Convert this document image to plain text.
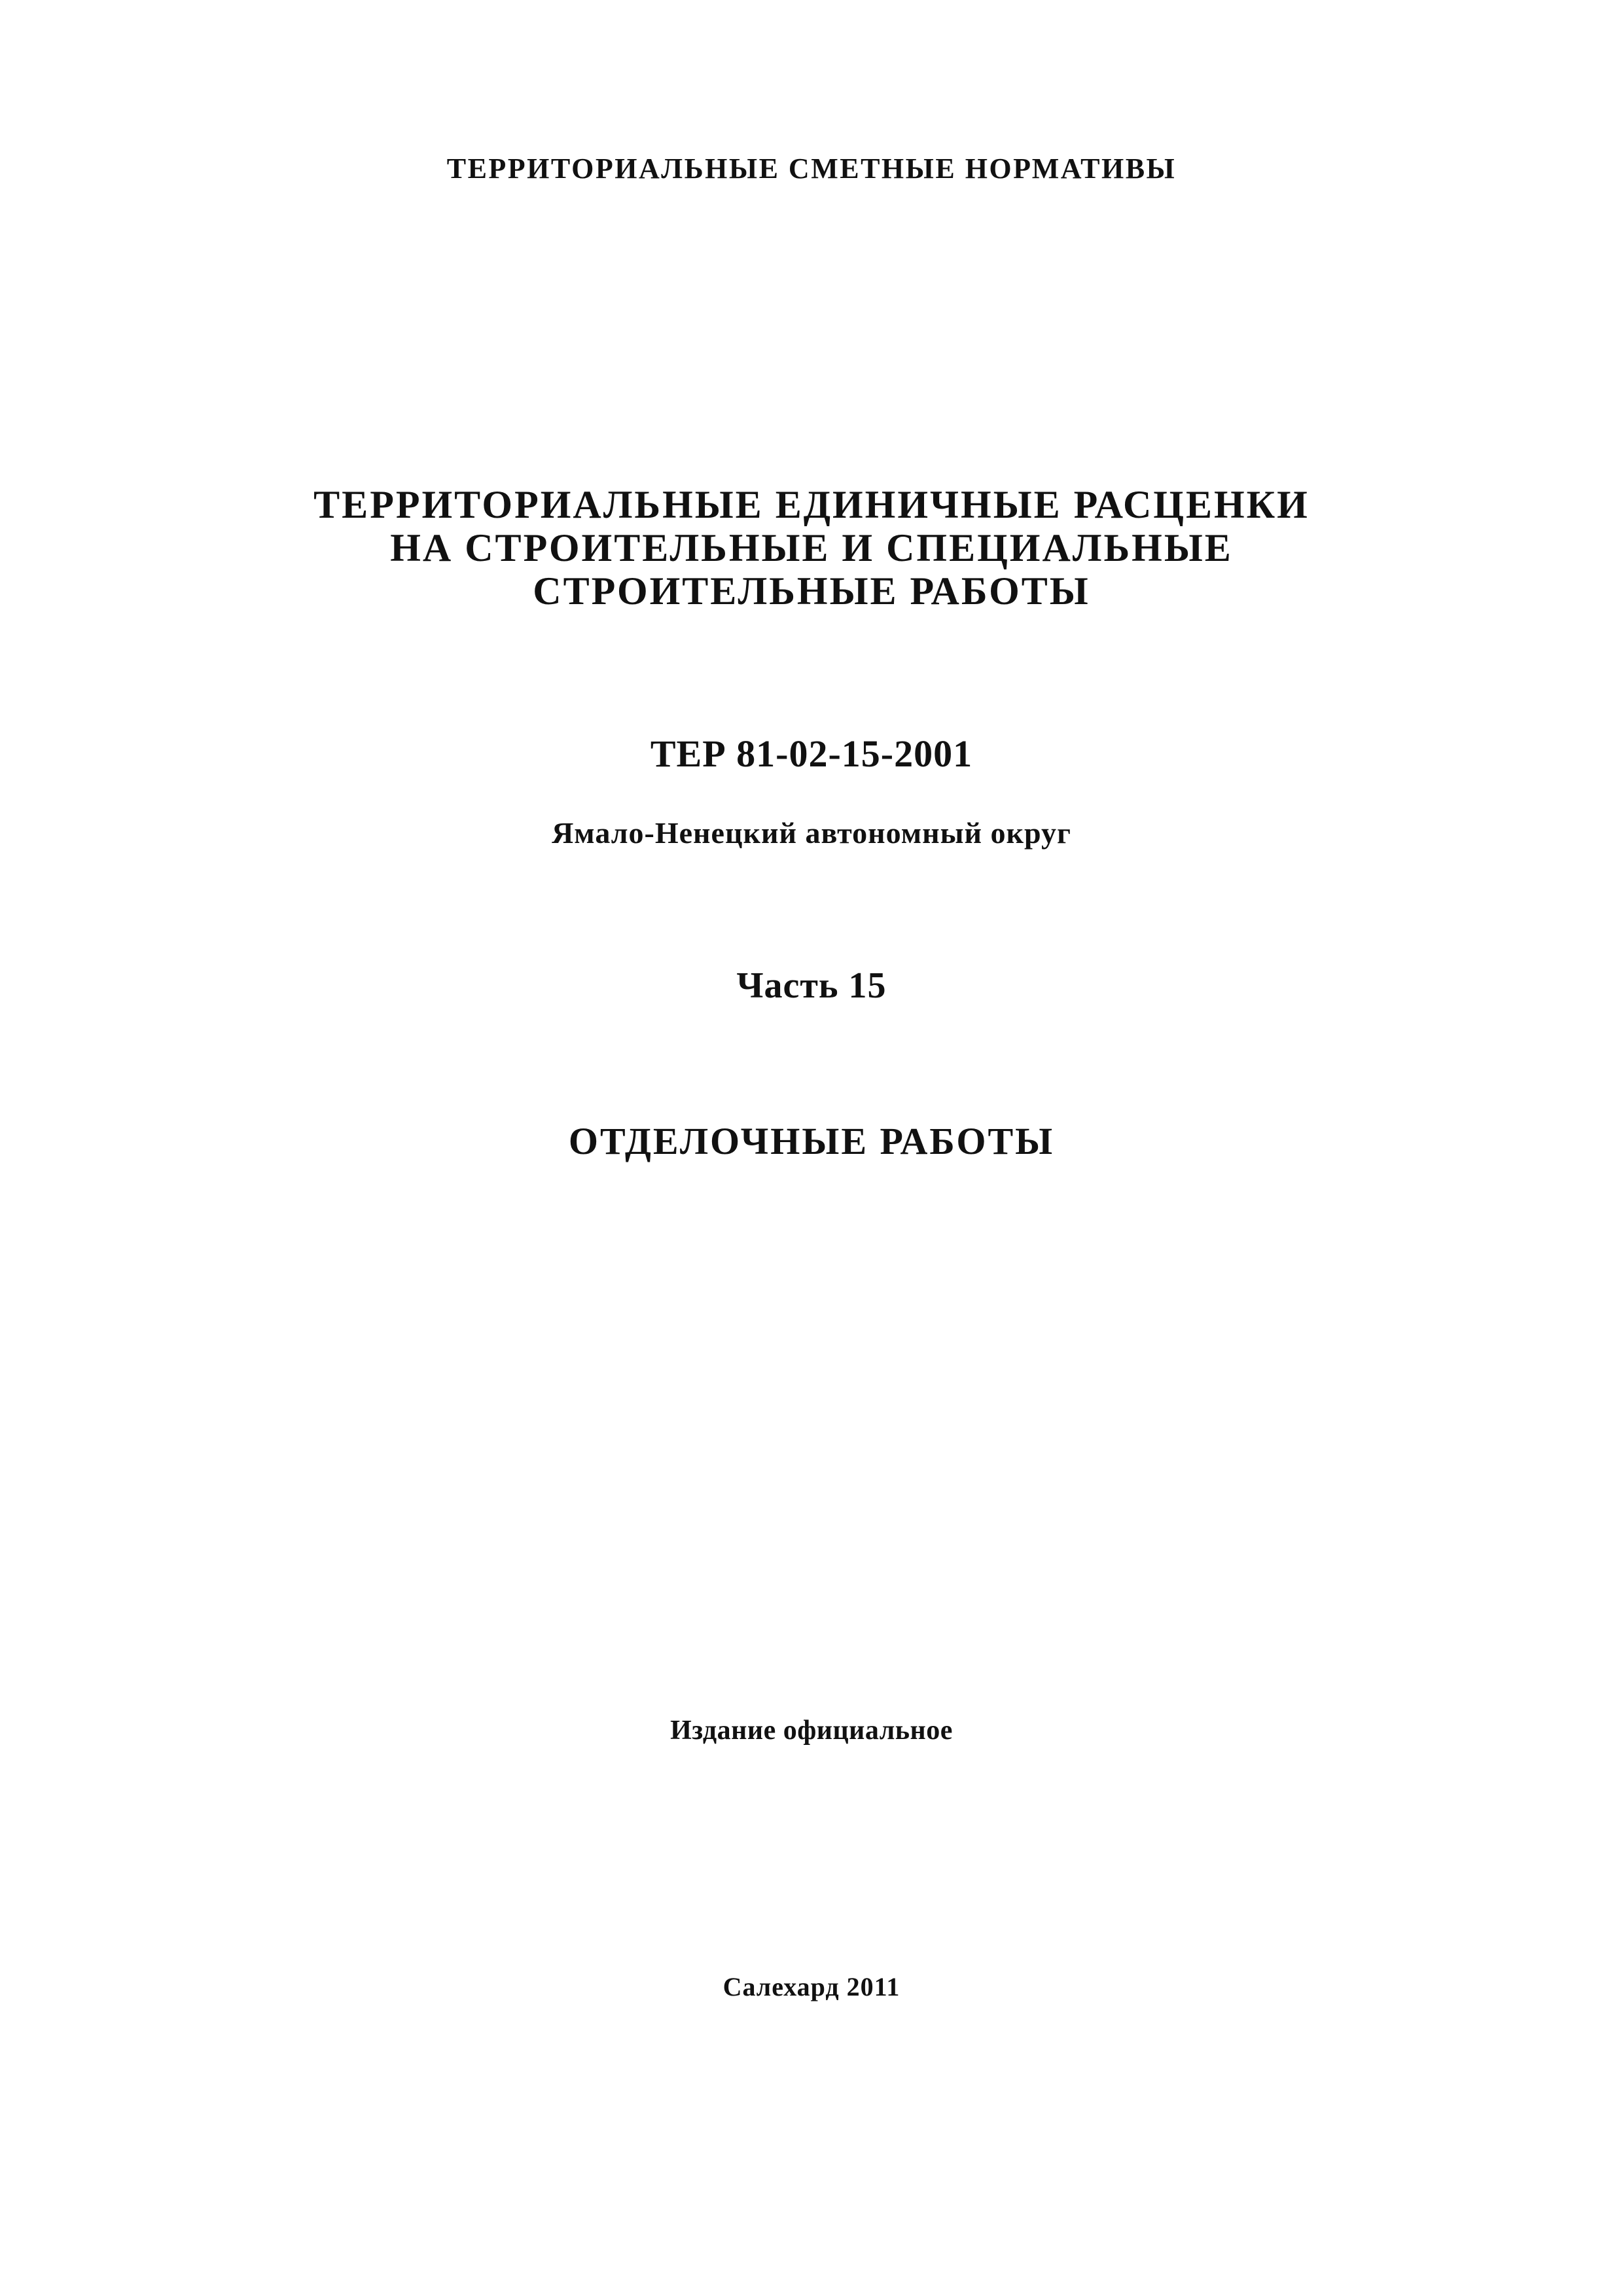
ТЕРРИТОРИАЛЬНЫЕ СМЕТНЫЕ НОРМАТИВЫ
ТЕРРИТОРИАЛЬНЫЕ ЕДИНИЧНЫЕ РАСЦЕНКИ
НА СТРОИТЕЛЬНЫЕ И СПЕЦИАЛЬНЫЕ
СТРОИТЕЛЬНЫЕ РАБОТЫ
ТЕР 81-02-15-2001
Ямало-Ненецкий автономный округ
Часть 15
ОТДЕЛОЧНЫЕ РАБОТЫ
Издание официальное
Салехард 2011
